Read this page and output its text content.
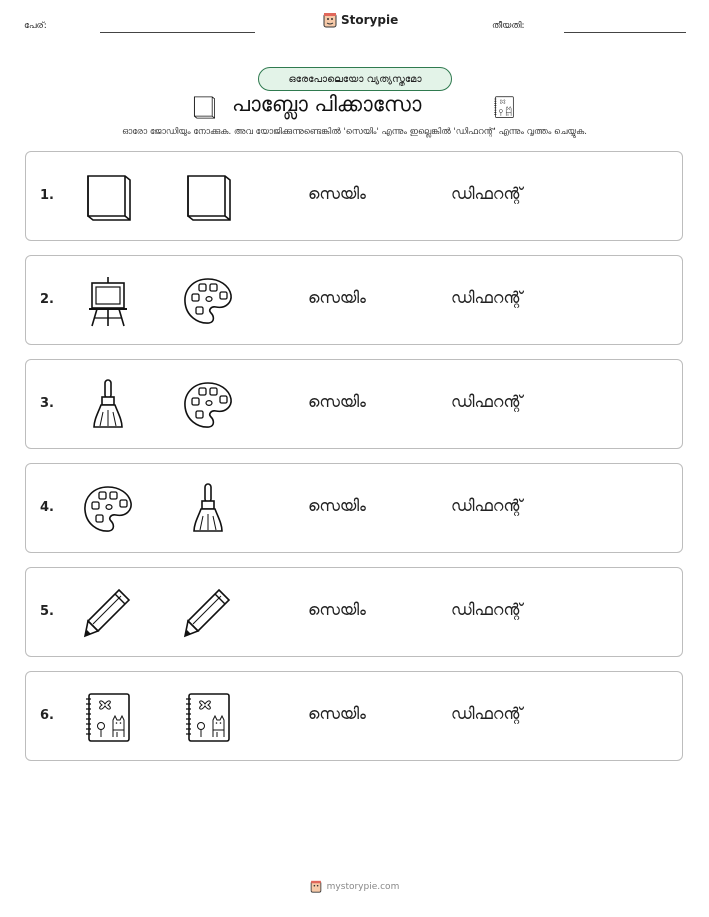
പേര്:	Storypie	തീയതി:
ഒരേപോലെയോ വ്യത്യസ്തമോ
പാബ്ലോ പിക്കാസോ
ഓരോ ജോഡിയും നോക്കുക. അവ യോജിക്കുന്നുണ്ടെങ്കിൽ 'സെയിം' എന്നും ഇല്ലെങ്കിൽ 'ഡിഫറന്റ്' എന്നും വൃത്തം ചെയ്യുക.
1.	സെയിം	ഡിഫറന്റ്
2.	സെയിം	ഡിഫറന്റ്
3.	സെയിം	ഡിഫറന്റ്
4.	സെയിം	ഡിഫറന്റ്
5.	സെയിം	ഡിഫറന്റ്
6.	സെയിം	ഡിഫറന്റ്
mystorypie.com
